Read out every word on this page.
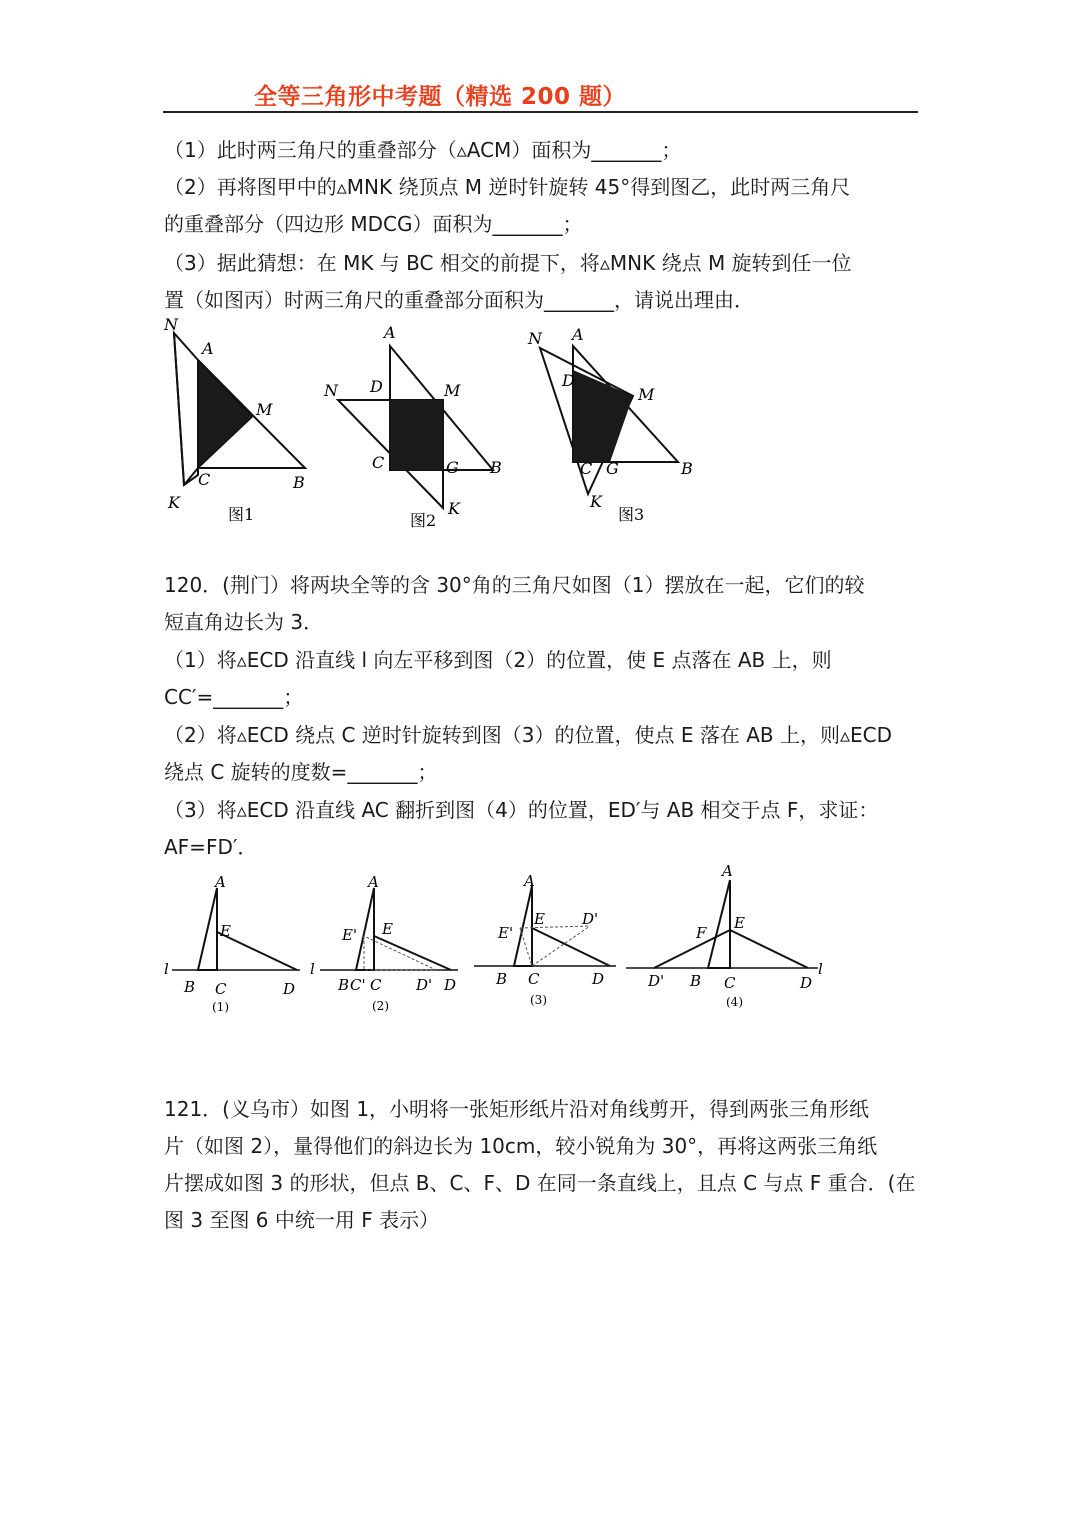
全等三角形中考题（精选 200 题）
（1）此时两三角尺的重叠部分（▵ACM）面积为_______；
（2）再将图甲中的▵MNK 绕顶点 M 逆时针旋转 45°得到图乙，此时两三角尺
的重叠部分（四边形 MDCG）面积为_______；
（3）据此猜想：在 MK 与 BC 相交的前提下，将▵MNK 绕点 M 旋转到任一位
置（如图丙）时两三角尺的重叠部分面积为_______，请说出理由．
N
A
M
C	B
K
图1
A
N D	M
C	G B
K
图2
N A
D
M
C G	B
K
图3
120．(荆门）将两块全等的含 30°角的三角尺如图（1）摆放在一起，它们的较
短直角边长为 3．
（1）将▵ECD 沿直线 l 向左平移到图（2）的位置，使 E 点落在 AB 上，则
CC′=_______；
（2）将▵ECD 绕点 C 逆时针旋转到图（3）的位置，使点 E 落在 AB 上，则▵ECD
绕点 C 旋转的度数=_______；
（3）将▵ECD 沿直线 AC 翻折到图（4）的位置，ED′与 AB 相交于点 F，求证：
AF=FD′．
A
E
l
B C	D
(1)
A
E' E
l
B C' C D' D
(2)
A
D'
E'
E
B C	D
(3)
A
F
E
D' B C	D
l
(4)
121．(义乌市）如图 1，小明将一张矩形纸片沿对角线剪开，得到两张三角形纸
片（如图 2），量得他们的斜边长为 10cm，较小锐角为 30°，再将这两张三角纸
片摆成如图 3 的形状，但点 B、C、F、D 在同一条直线上，且点 C 与点 F 重合．(在
图 3 至图 6 中统一用 F 表示）
